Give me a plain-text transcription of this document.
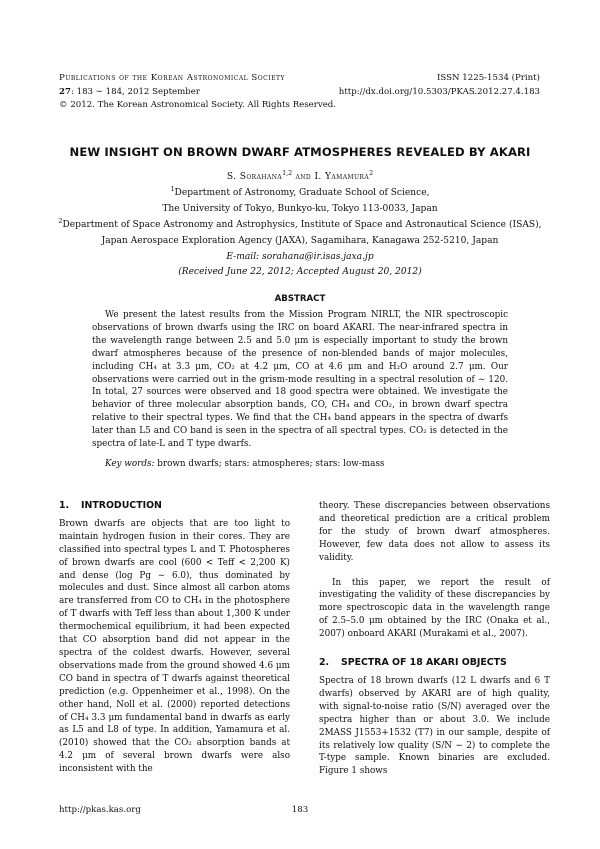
Publications of the Korean Astronomical Society
27: 183 ∼ 184, 2012 September
© 2012. The Korean Astronomical Society. All Rights Reserved.
ISSN 1225-1534 (Print)
http://dx.doi.org/10.5303/PKAS.2012.27.4.183
NEW INSIGHT ON BROWN DWARF ATMOSPHERES REVEALED BY AKARI
S. Sorahana$^{1,2}$ and I. Yamamura$^2$
$^1$Department of Astronomy, Graduate School of Science,
The University of Tokyo, Bunkyo-ku, Tokyo 113-0033, Japan
$^2$Department of Space Astronomy and Astrophysics, Institute of Space and Astronautical Science (ISAS),
Japan Aerospace Exploration Agency (JAXA), Sagamihara, Kanagawa 252-5210, Japan
E-mail: sorahana@ir.isas.jaxa.jp
(Received June 22, 2012; Accepted August 20, 2012)
ABSTRACT
We present the latest results from the Mission Program NIRLT, the NIR spectroscopic observations of brown dwarfs using the IRC on board AKARI. The near-infrared spectra in the wavelength range between 2.5 and 5.0 μm is especially important to study the brown dwarf atmospheres because of the presence of non-blended bands of major molecules, including CH₄ at 3.3 μm, CO₂ at 4.2 μm, CO at 4.6 μm and H₂O around 2.7 μm. Our observations were carried out in the grism-mode resulting in a spectral resolution of ∼ 120. In total, 27 sources were observed and 18 good spectra were obtained. We investigate the behavior of three molecular absorption bands, CO, CH₄ and CO₂, in brown dwarf spectra relative to their spectral types. We find that the CH₄ band appears in the spectra of dwarfs later than L5 and CO band is seen in the spectra of all spectral types. CO₂ is detected in the spectra of late-L and T type dwarfs.
Key words: brown dwarfs; stars: atmospheres; stars: low-mass
1. INTRODUCTION

Brown dwarfs are objects that are too light to maintain hydrogen fusion in their cores. They are classified into spectral types L and T. Photospheres of brown dwarfs are cool (600 < Teff < 2,200 K) and dense (log Pg ∼ 6.0), thus dominated by molecules and dust. Since almost all carbon atoms are transferred from CO to CH₄ in the photosphere of T dwarfs with Teff less than about 1,300 K under thermochemical equilibrium, it had been expected that CO absorption band did not appear in the spectra of the coldest dwarfs. However, several observations made from the ground showed 4.6 μm CO band in spectra of T dwarfs against theoretical prediction (e.g. Oppenheimer et al., 1998). On the other hand, Noll et al. (2000) reported detections of CH₄ 3.3 μm fundamental band in dwarfs as early as L5 and L8 of type. In addition, Yamamura et al. (2010) showed that the CO₂ absorption bands at 4.2 μm of several brown dwarfs were also inconsistent with the

theory. These discrepancies between observations and theoretical prediction are a critical problem for the study of brown dwarf atmospheres. However, few data does not allow to assess its validity.

In this paper, we report the result of investigating the validity of these discrepancies by more spectroscopic data in the wavelength range of 2.5–5.0 μm obtained by the IRC (Onaka et al., 2007) onboard AKARI (Murakami et al., 2007).

2. SPECTRA OF 18 AKARI OBJECTS

Spectra of 18 brown dwarfs (12 L dwarfs and 6 T dwarfs) observed by AKARI are of high quality, with signal-to-noise ratio (S/N) averaged over the spectra higher than or about 3.0. We include 2MASS J1553+1532 (T7) in our sample, despite of its relatively low quality (S/N ∼ 2) to complete the T-type sample. Known binaries are excluded. Figure 1 shows

http://pkas.kas.org	183
